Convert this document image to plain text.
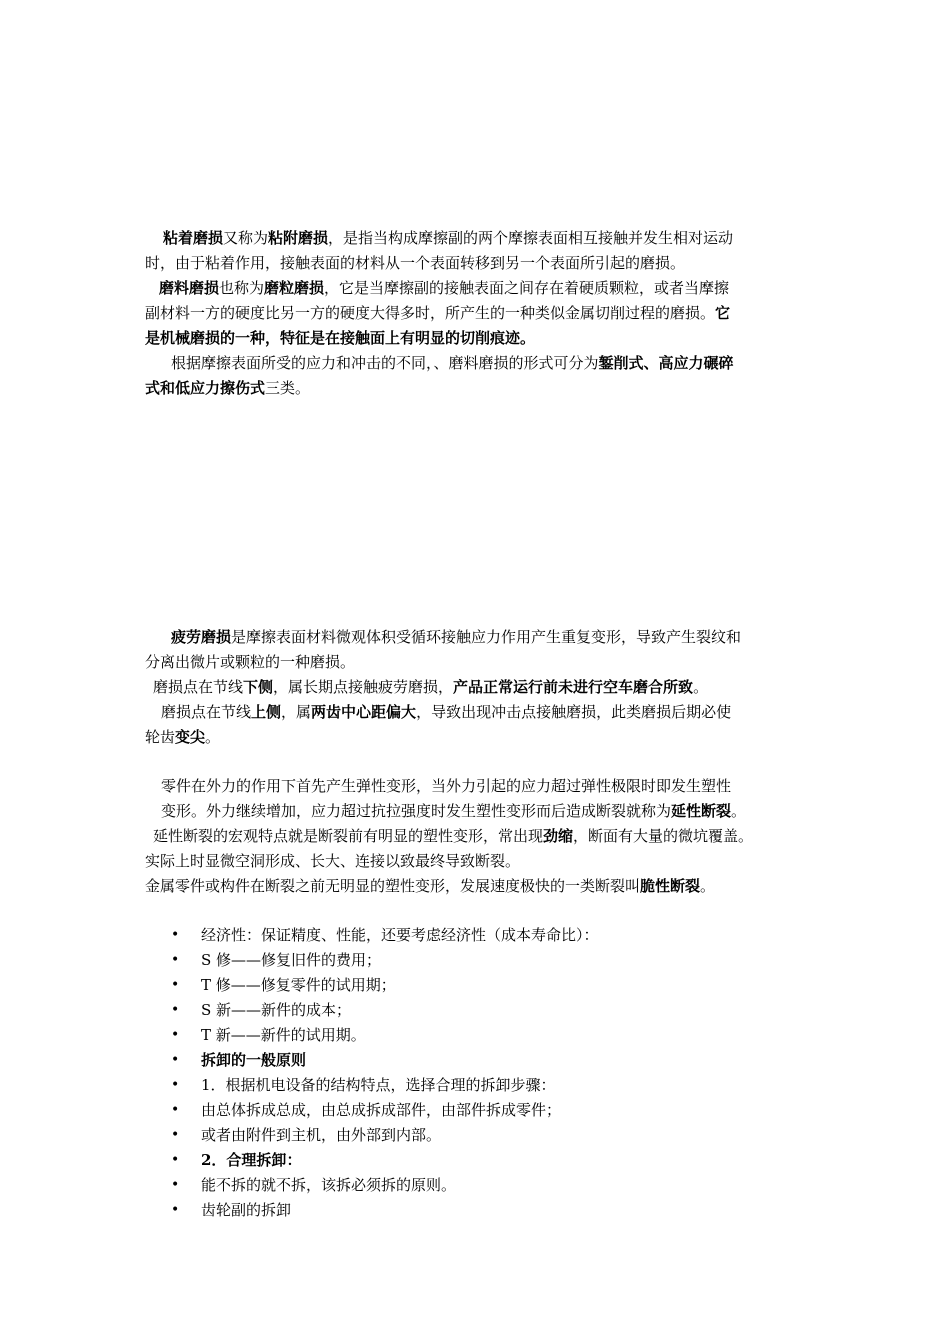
粘着磨损又称为粘附磨损，是指当构成摩擦副的两个摩擦表面相互接触并发生相对运动
时，由于粘着作用，接触表面的材料从一个表面转移到另一个表面所引起的磨损。
磨料磨损也称为磨粒磨损，它是当摩擦副的接触表面之间存在着硬质颗粒，或者当摩擦
副材料一方的硬度比另一方的硬度大得多时，所产生的一种类似金属切削过程的磨损。它
是机械磨损的一种，特征是在接触面上有明显的切削痕迹。
根据摩擦表面所受的应力和冲击的不同，、磨料磨损的形式可分为錾削式、高应力碾碎
式和低应力擦伤式三类。
疲劳磨损是摩擦表面材料微观体积受循环接触应力作用产生重复变形，导致产生裂纹和
分离出微片或颗粒的一种磨损。
磨损点在节线下侧，属长期点接触疲劳磨损，产品正常运行前未进行空车磨合所致。
磨损点在节线上侧，属两齿中心距偏大，导致出现冲击点接触磨损，此类磨损后期必使
轮齿变尖。
零件在外力的作用下首先产生弹性变形，当外力引起的应力超过弹性极限时即发生塑性
变形。外力继续增加，应力超过抗拉强度时发生塑性变形而后造成断裂就称为延性断裂。
延性断裂的宏观特点就是断裂前有明显的塑性变形，常出现劲缩，断面有大量的微坑覆盖。
实际上时显微空洞形成、长大、连接以致最终导致断裂。
金属零件或构件在断裂之前无明显的塑性变形，发展速度极快的一类断裂叫脆性断裂。
• 经济性：保证精度、性能，还要考虑经济性（成本寿命比）：
• S 修——修复旧件的费用；
• T 修——修复零件的试用期；
• S 新——新件的成本；
• T 新——新件的试用期。
• 拆卸的一般原则
• 1．根据机电设备的结构特点，选择合理的拆卸步骤：
• 由总体拆成总成，由总成拆成部件，由部件拆成零件；
• 或者由附件到主机，由外部到内部。
• 2．合理拆卸：
• 能不拆的就不拆，该拆必须拆的原则。
• 齿轮副的拆卸
